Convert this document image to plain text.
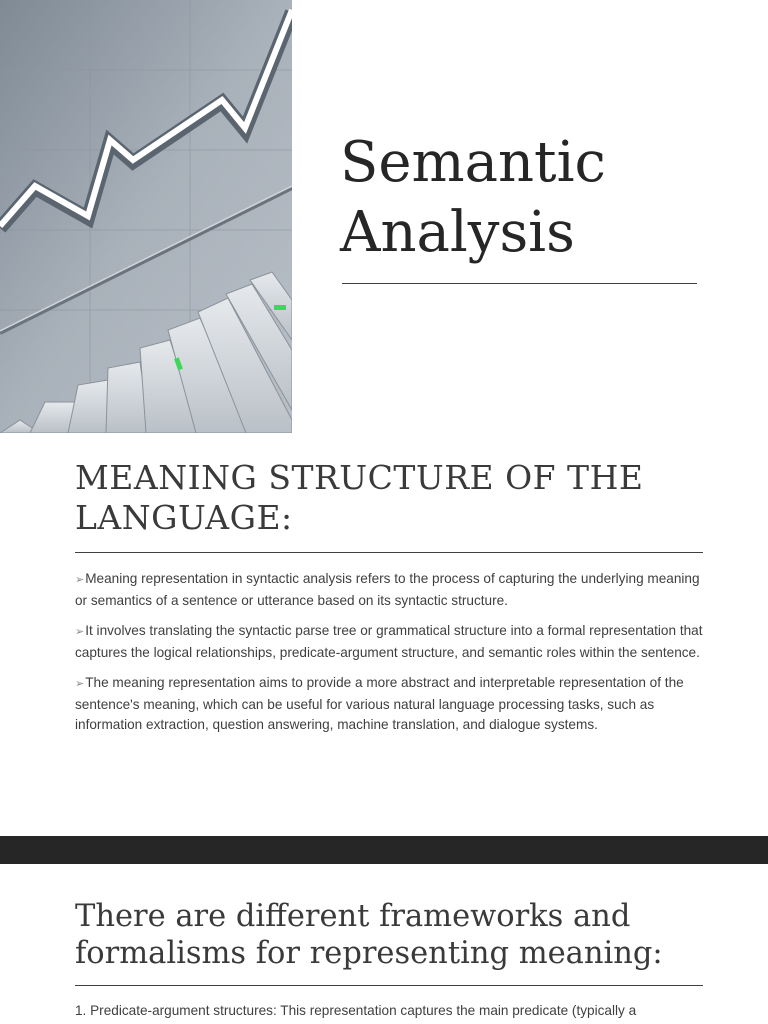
Semantic
Analysis
MEANING STRUCTURE OF THE
LANGUAGE:
➢Meaning representation in syntactic analysis refers to the process of capturing the underlying meaning or semantics of a sentence or utterance based on its syntactic structure.
➢It involves translating the syntactic parse tree or grammatical structure into a formal representation that captures the logical relationships, predicate-argument structure, and semantic roles within the sentence.
➢The meaning representation aims to provide a more abstract and interpretable representation of the sentence's meaning, which can be useful for various natural language processing tasks, such as information extraction, question answering, machine translation, and dialogue systems.
There are different frameworks and
formalisms for representing meaning:

1. Predicate-argument structures: This representation captures the main predicate (typically a
